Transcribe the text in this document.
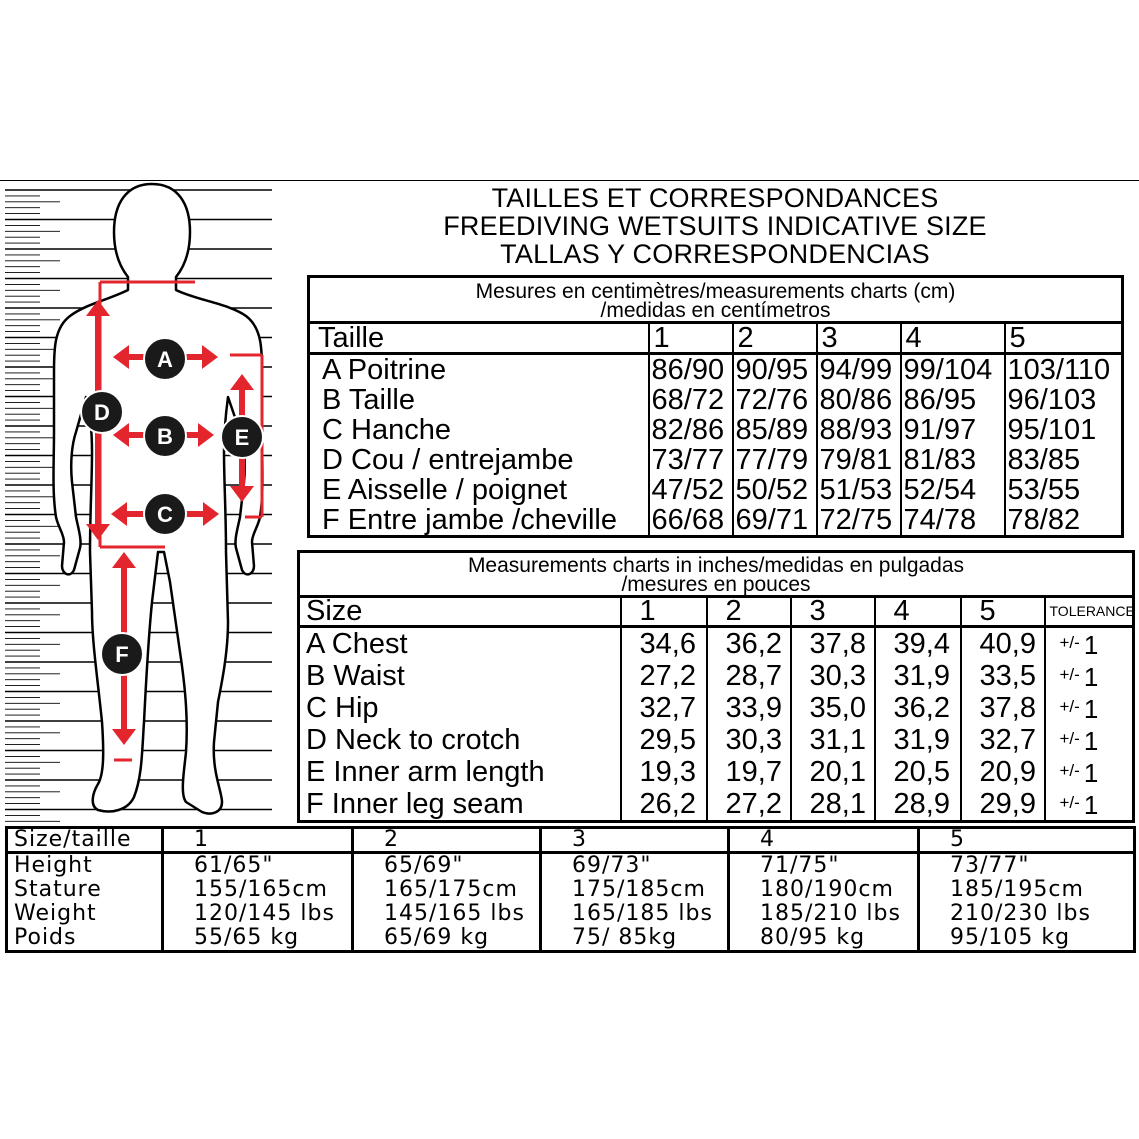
A
B
C
D
E
F
TAILLES ET CORRESPONDANCES
FREEDIVING WETSUITS INDICATIVE SIZE
TALLAS Y CORRESPONDENCIAS
Mesures en centimètres/measurements charts (cm)
/medidas en centímetros					

Taille	1	2	3	4	5
A Poitrine	86/90	90/95	94/99	99/104	103/110
B Taille	68/72	72/76	80/86	86/95	96/103
C Hanche	82/86	85/89	88/93	91/97	95/101
D Cou / entrejambe	73/77	77/79	79/81	81/83	83/85
E Aisselle / poignet	47/52	50/52	51/53	52/54	53/55
F Entre jambe /cheville	66/68	69/71	72/75	74/78	78/82
Measurements charts in inches/medidas en pulgadas
/mesures en pouces						

Size	1	2	3	4	5	TOLERANCE
A Chest	34,6	36,2	37,8	39,4	40,9	+/- 1
B Waist	27,2	28,7	30,3	31,9	33,5	+/- 1
C Hip	32,7	33,9	35,0	36,2	37,8	+/- 1
D Neck to crotch	29,5	30,3	31,1	31,9	32,7	+/- 1
E Inner arm length	19,3	19,7	20,1	20,5	20,9	+/- 1
F Inner leg seam	26,2	27,2	28,1	28,9	29,9	+/- 1
Size/taille	1	2	3	4	5
Height	61/65"	65/69"	69/73"	71/75"	73/77"
Stature	155/165cm	165/175cm	175/185cm	180/190cm	185/195cm
Weight	120/145 lbs	145/165 lbs	165/185 lbs	185/210 lbs	210/230 lbs
Poids	55/65 kg	65/69 kg	75/ 85kg	80/95 kg	95/105 kg
